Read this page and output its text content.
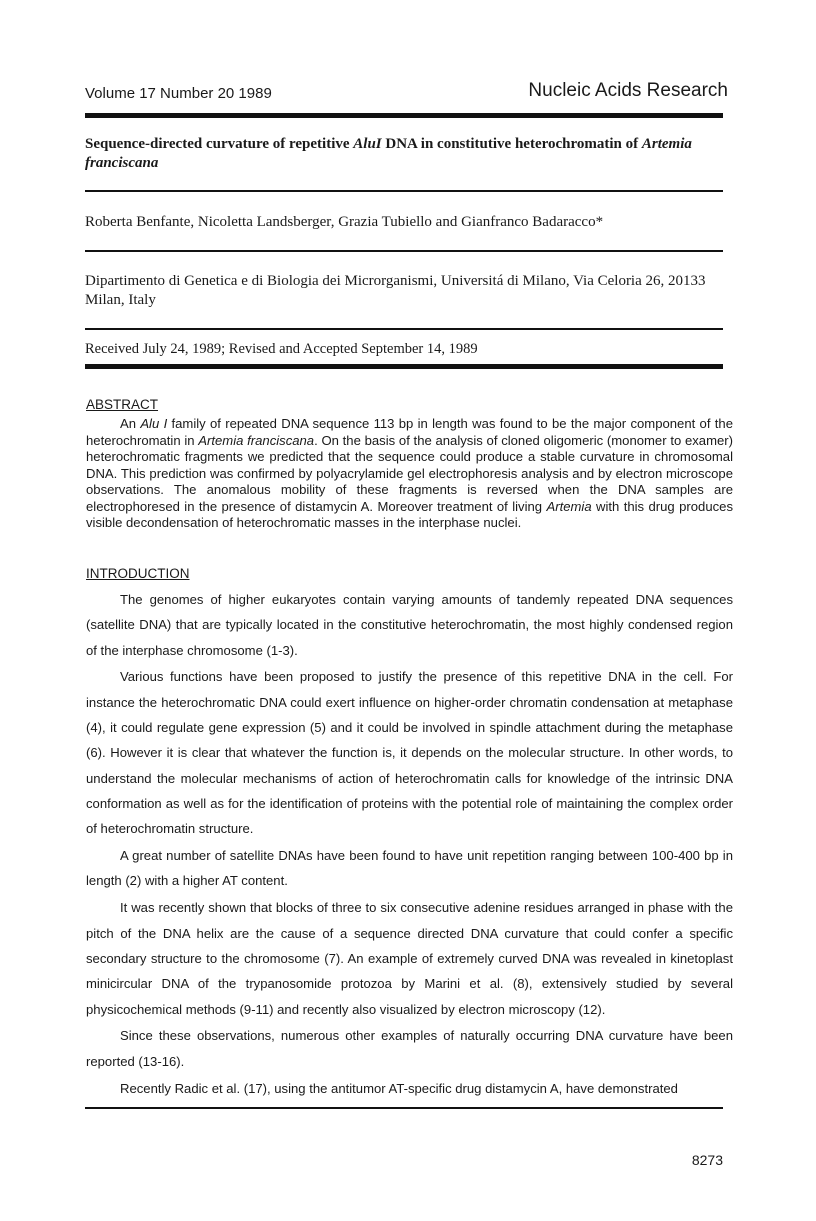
Volume 17 Number 20 1989	Nucleic Acids Research
Sequence-directed curvature of repetitive AluI DNA in constitutive heterochromatin of Artemia franciscana
Roberta Benfante, Nicoletta Landsberger, Grazia Tubiello and Gianfranco Badaracco*
Dipartimento di Genetica e di Biologia dei Microrganismi, Universitá di Milano, Via Celoria 26, 20133 Milan, Italy
Received July 24, 1989; Revised and Accepted September 14, 1989
ABSTRACT
An Alu I family of repeated DNA sequence 113 bp in length was found to be the major component of the heterochromatin in Artemia franciscana. On the basis of the analysis of cloned oligomeric (monomer to examer) heterochromatic fragments we predicted that the sequence could produce a stable curvature in chromosomal DNA. This prediction was confirmed by polyacrylamide gel electrophoresis analysis and by electron microscope observations. The anomalous mobility of these fragments is reversed when the DNA samples are electrophoresed in the presence of distamycin A. Moreover treatment of living Artemia with this drug produces visible decondensation of heterochromatic masses in the interphase nuclei.
INTRODUCTION

The genomes of higher eukaryotes contain varying amounts of tandemly repeated DNA sequences (satellite DNA) that are typically located in the constitutive heterochromatin, the most highly condensed region of the interphase chromosome (1-3).

Various functions have been proposed to justify the presence of this repetitive DNA in the cell. For instance the heterochromatic DNA could exert influence on higher-order chromatin condensation at metaphase (4), it could regulate gene expression (5) and it could be involved in spindle attachment during the metaphase (6). However it is clear that whatever the function is, it depends on the molecular structure. In other words, to understand the molecular mechanisms of action of heterochromatin calls for knowledge of the intrinsic DNA conformation as well as for the identification of proteins with the potential role of maintaining the complex order of heterochromatin structure.

A great number of satellite DNAs have been found to have unit repetition ranging between 100-400 bp in length (2) with a higher AT content.

It was recently shown that blocks of three to six consecutive adenine residues arranged in phase with the pitch of the DNA helix are the cause of a sequence directed DNA curvature that could confer a specific secondary structure to the chromosome (7). An example of extremely curved DNA was revealed in kinetoplast minicircular DNA of the trypanosomide protozoa by Marini et al. (8), extensively studied by several physicochemical methods (9-11) and recently also visualized by electron microscopy (12).

Since these observations, numerous other examples of naturally occurring DNA curvature have been reported (13-16).

Recently Radic et al. (17), using the antitumor AT-specific drug distamycin A, have demonstrated

8273
